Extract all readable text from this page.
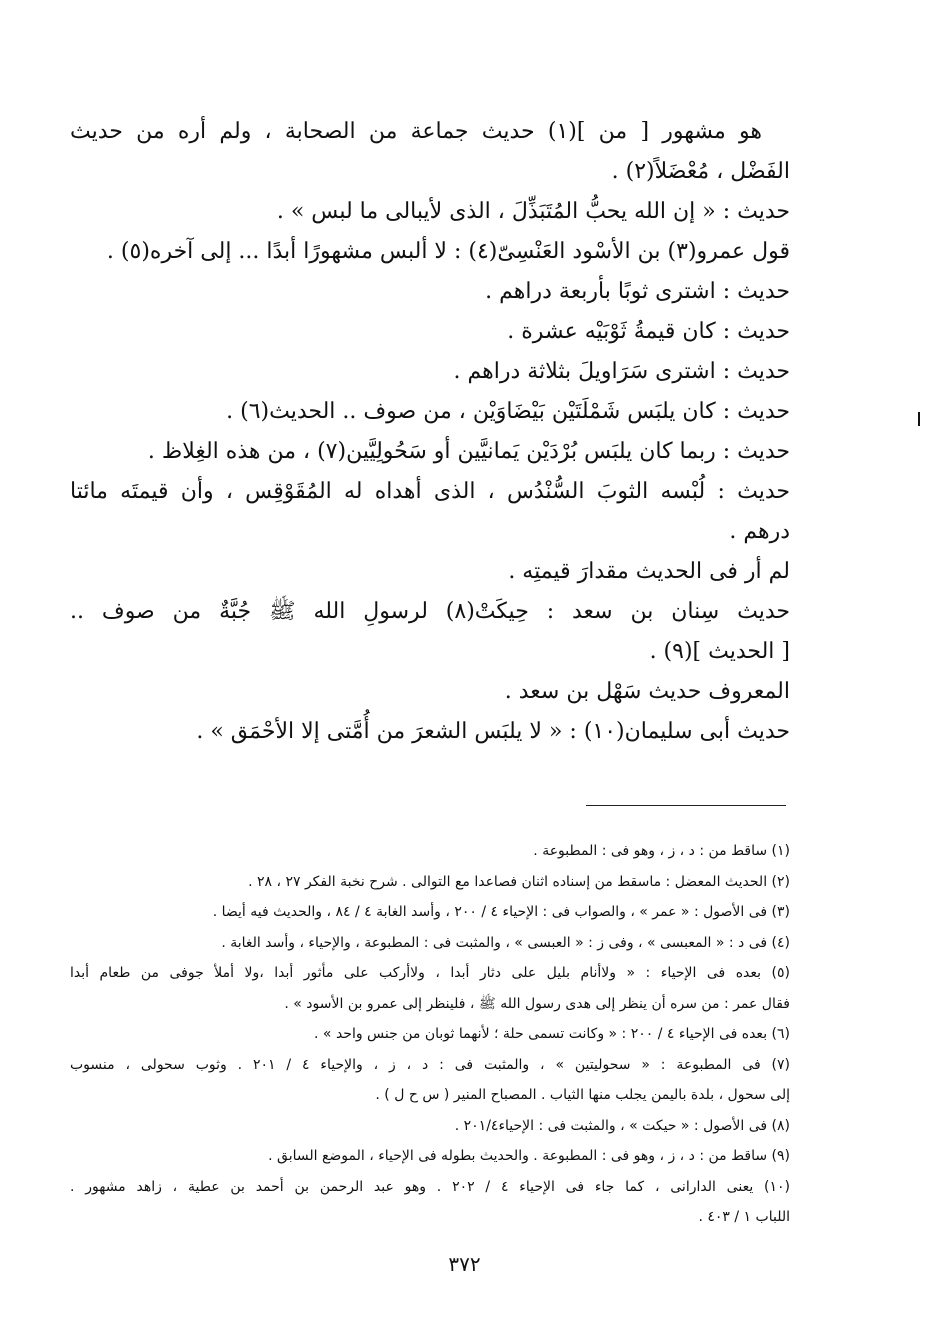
هو مشهور [ من ](١) حديث جماعة من الصحابة ، ولم أره من حديث
الفَضْل ، مُعْضَلاً(٢) .
حديث : « إن الله يحبُّ المُتَبَذِّلَ ، الذى لأيبالى ما لبس » .
قول عمرو(٣) بن الأسْود العَنْسِىّ(٤) : لا ألبس مشهورًا أبدًا ... إلى آخره(٥) .
حديث : اشترى ثوبًا بأربعة دراهم .
حديث : كان قيمةُ ثَوْبَيْه عشرة .
حديث : اشترى سَرَاويلَ بثلاثة دراهم .
حديث : كان يلبَس شَمْلَتَيْن بَيْضَاوَيْن ، من صوف .. الحديث(٦) .
حديث : ربما كان يلبَس بُرْدَيْن يَمانيَّين أو سَحُولِيَّين(٧) ، من هذه الغِلاظ .
حديث : لُبْسه الثوبَ السُّنْدُس ، الذى أهداه له المُقَوْقِس ، وأن قيمتَه مائتا
درهم .
لم أر فى الحديث مقدارَ قيمتِه .
حديث سِنان بن سعد : حِيكَتْ(٨) لرسولِ الله ﷺ جُبَّةٌ من صوف ..
[ الحديث ](٩) .
المعروف حديث سَهْل بن سعد .
حديث أبى سليمان(١٠) : « لا يلبَس الشعرَ من أُمَّتى إلا الأحْمَق » .
(١) ساقط من : د ، ز ، وهو فى : المطبوعة .
(٢) الحديث المعضل : ماسقط من إسناده اثنان فصاعدا مع التوالى . شرح نخبة الفكر ٢٧ ، ٢٨ .
(٣) فى الأصول : « عمر » ، والصواب فى : الإحياء ٤ / ٢٠٠ ، وأسد الغابة ٤ / ٨٤ ، والحديث فيه أيضا .
(٤) فى د : « المعبسى » ، وفى ز : « العبسى » ، والمثبت فى : المطبوعة ، والإحياء ، وأسد الغابة .
(٥) بعده فى الإحياء : « ولاأنام بليل على دثار أبدا ، ولاأركب على مأثور أبدا ،ولا أملأ جوفى من طعام أبدا
فقال عمر : من سره أن ينظر إلى هدى رسول الله ﷺ ، فلينظر إلى عمرو بن الأسود » .
(٦) بعده فى الإحياء ٤ / ٢٠٠ : « وكانت تسمى حلة ؛ لأنهما ثوبان من جنس واحد » .
(٧) فى المطبوعة : « سحوليتين » ، والمثبت فى : د ، ز ، والإحياء ٤ / ٢٠١ . وثوب سحولى ، منسوب
إلى سحول ، بلدة باليمن يجلب منها الثياب . المصباح المنير ( س ح ل ) .
(٨) فى الأصول : « حيكت » ، والمثبت فى : الإحياء٢٠١/٤ .
(٩) ساقط من : د ، ز ، وهو فى : المطبوعة . والحديث بطوله فى الإحياء ، الموضع السابق .
(١٠) يعنى الدارانى ، كما جاء فى الإحياء ٤ / ٢٠٢ . وهو عبد الرحمن بن أحمد بن عطية ، زاهد مشهور .
اللباب ١ / ٤٠٣ .
٣٧٢
